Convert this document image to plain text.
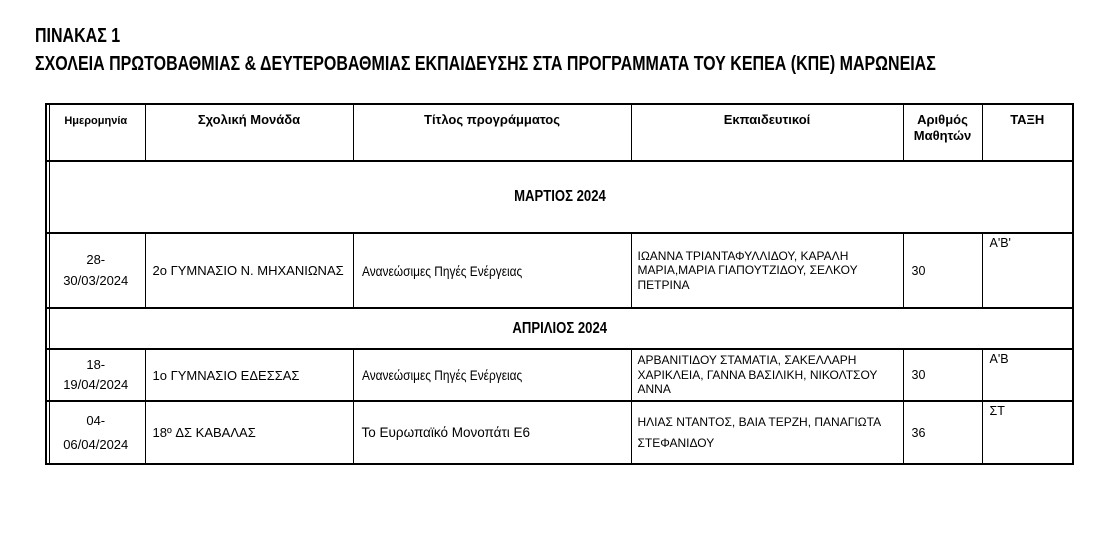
ΠΙΝΑΚΑΣ 1
ΣΧΟΛΕΙΑ ΠΡΩΤΟΒΑΘΜΙΑΣ & ΔΕΥΤΕΡΟΒΑΘΜΙΑΣ ΕΚΠΑΙΔΕΥΣΗΣ ΣΤΑ ΠΡΟΓΡΑΜΜΑΤΑ ΤΟΥ ΚΕΠΕΑ (ΚΠΕ) ΜΑΡΩΝΕΙΑΣ
Ημερομηνία	Σχολική Μονάδα	Τίτλος προγράμματος	Εκπαιδευτικοί	Αριθμός Μαθητών	ΤΑΞΗ
ΜΑΡΤΙΟΣ 2024					

28-
30/03/2024	2ο ΓΥΜΝΑΣΙΟ Ν. ΜΗΧΑΝΙΩΝΑΣ	Ανανεώσιμες Πηγές Ενέργειας	ΙΩΑΝΝΑ ΤΡΙΑΝΤΑΦΥΛΛΙΔΟΥ, ΚΑΡΑΛΗ ΜΑΡΙΑ,ΜΑΡΙΑ ΓΙΑΠΟΥΤΖΙΔΟΥ, ΣΕΛΚΟΥ ΠΕΤΡΙΝΑ	30	Α'Β'
ΑΠΡΙΛΙΟΣ 2024					

18-
19/04/2024	1ο ΓΥΜΝΑΣΙΟ ΕΔΕΣΣΑΣ	Ανανεώσιμες Πηγές Ενέργειας	ΑΡΒΑΝΙΤΙΔΟΥ ΣΤΑΜΑΤΙΑ, ΣΑΚΕΛΛΑΡΗ ΧΑΡΙΚΛΕΙΑ, ΓΑΝΝΑ ΒΑΣΙΛΙΚΗ, ΝΙΚΟΛΤΣΟΥ ΑΝΝΑ	30	Α'Β

04-
06/04/2024	18º ΔΣ ΚΑΒΑΛΑΣ	Το Ευρωπαϊκό Μονοπάτι Ε6	ΗΛΙΑΣ ΝΤΑΝΤΟΣ, ΒΑΙΑ ΤΕΡΖΗ, ΠΑΝΑΓΙΩΤΑ ΣΤΕΦΑΝΙΔΟΥ	36	ΣΤ
